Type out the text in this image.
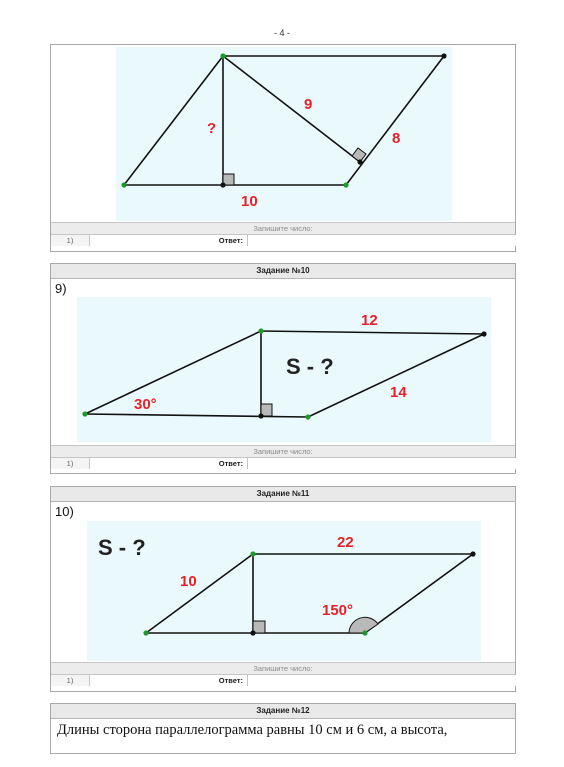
- 4 -
?
9
8
10
Запишите число:
1)	Ответ:
Задание №10
9)
12
S - ?
30°
14
Запишите число:
1)	Ответ:
Задание №11
10)
S - ?	22
10
150°
Запишите число:
1)	Ответ:
Задание №12
Длины сторона параллелограмма равны 10 см и 6 см, а высота,
